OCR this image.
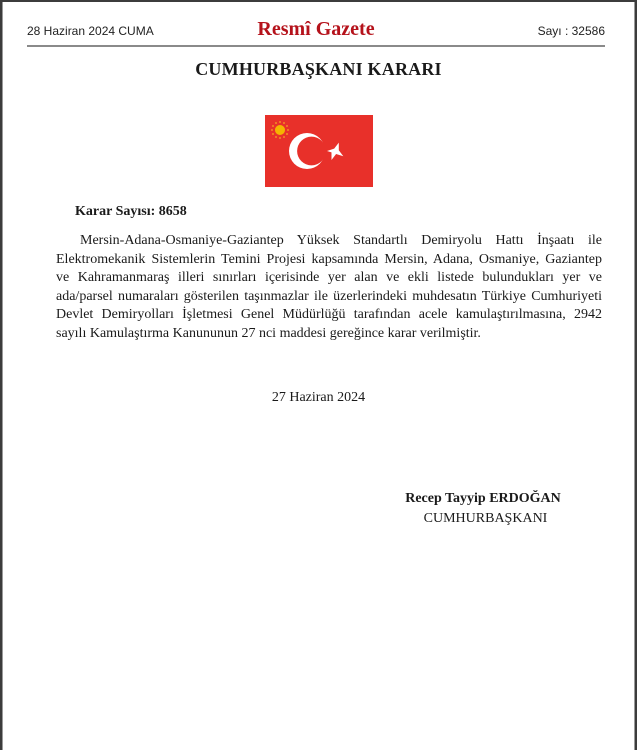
28 Haziran 2024 CUMA	Resmî Gazete	Sayı : 32586
CUMHURBAŞKANI KARARI
Karar Sayısı: 8658
Mersin-Adana-Osmaniye-Gaziantep Yüksek Standartlı Demiryolu Hattı İnşaatı ile
Elektromekanik Sistemlerin Temini Projesi kapsamında Mersin, Adana, Osmaniye, Gaziantep
ve Kahramanmaraş illeri sınırları içerisinde yer alan ve ekli listede bulundukları yer ve
ada/parsel numaraları gösterilen taşınmazlar ile üzerlerindeki muhdesatın Türkiye Cumhuriyeti
Devlet Demiryolları İşletmesi Genel Müdürlüğü tarafından acele kamulaştırılmasına, 2942
sayılı Kamulaştırma Kanununun 27 nci maddesi gereğince karar verilmiştir.
27 Haziran 2024
Recep Tayyip ERDOĞAN
CUMHURBAŞKANI
